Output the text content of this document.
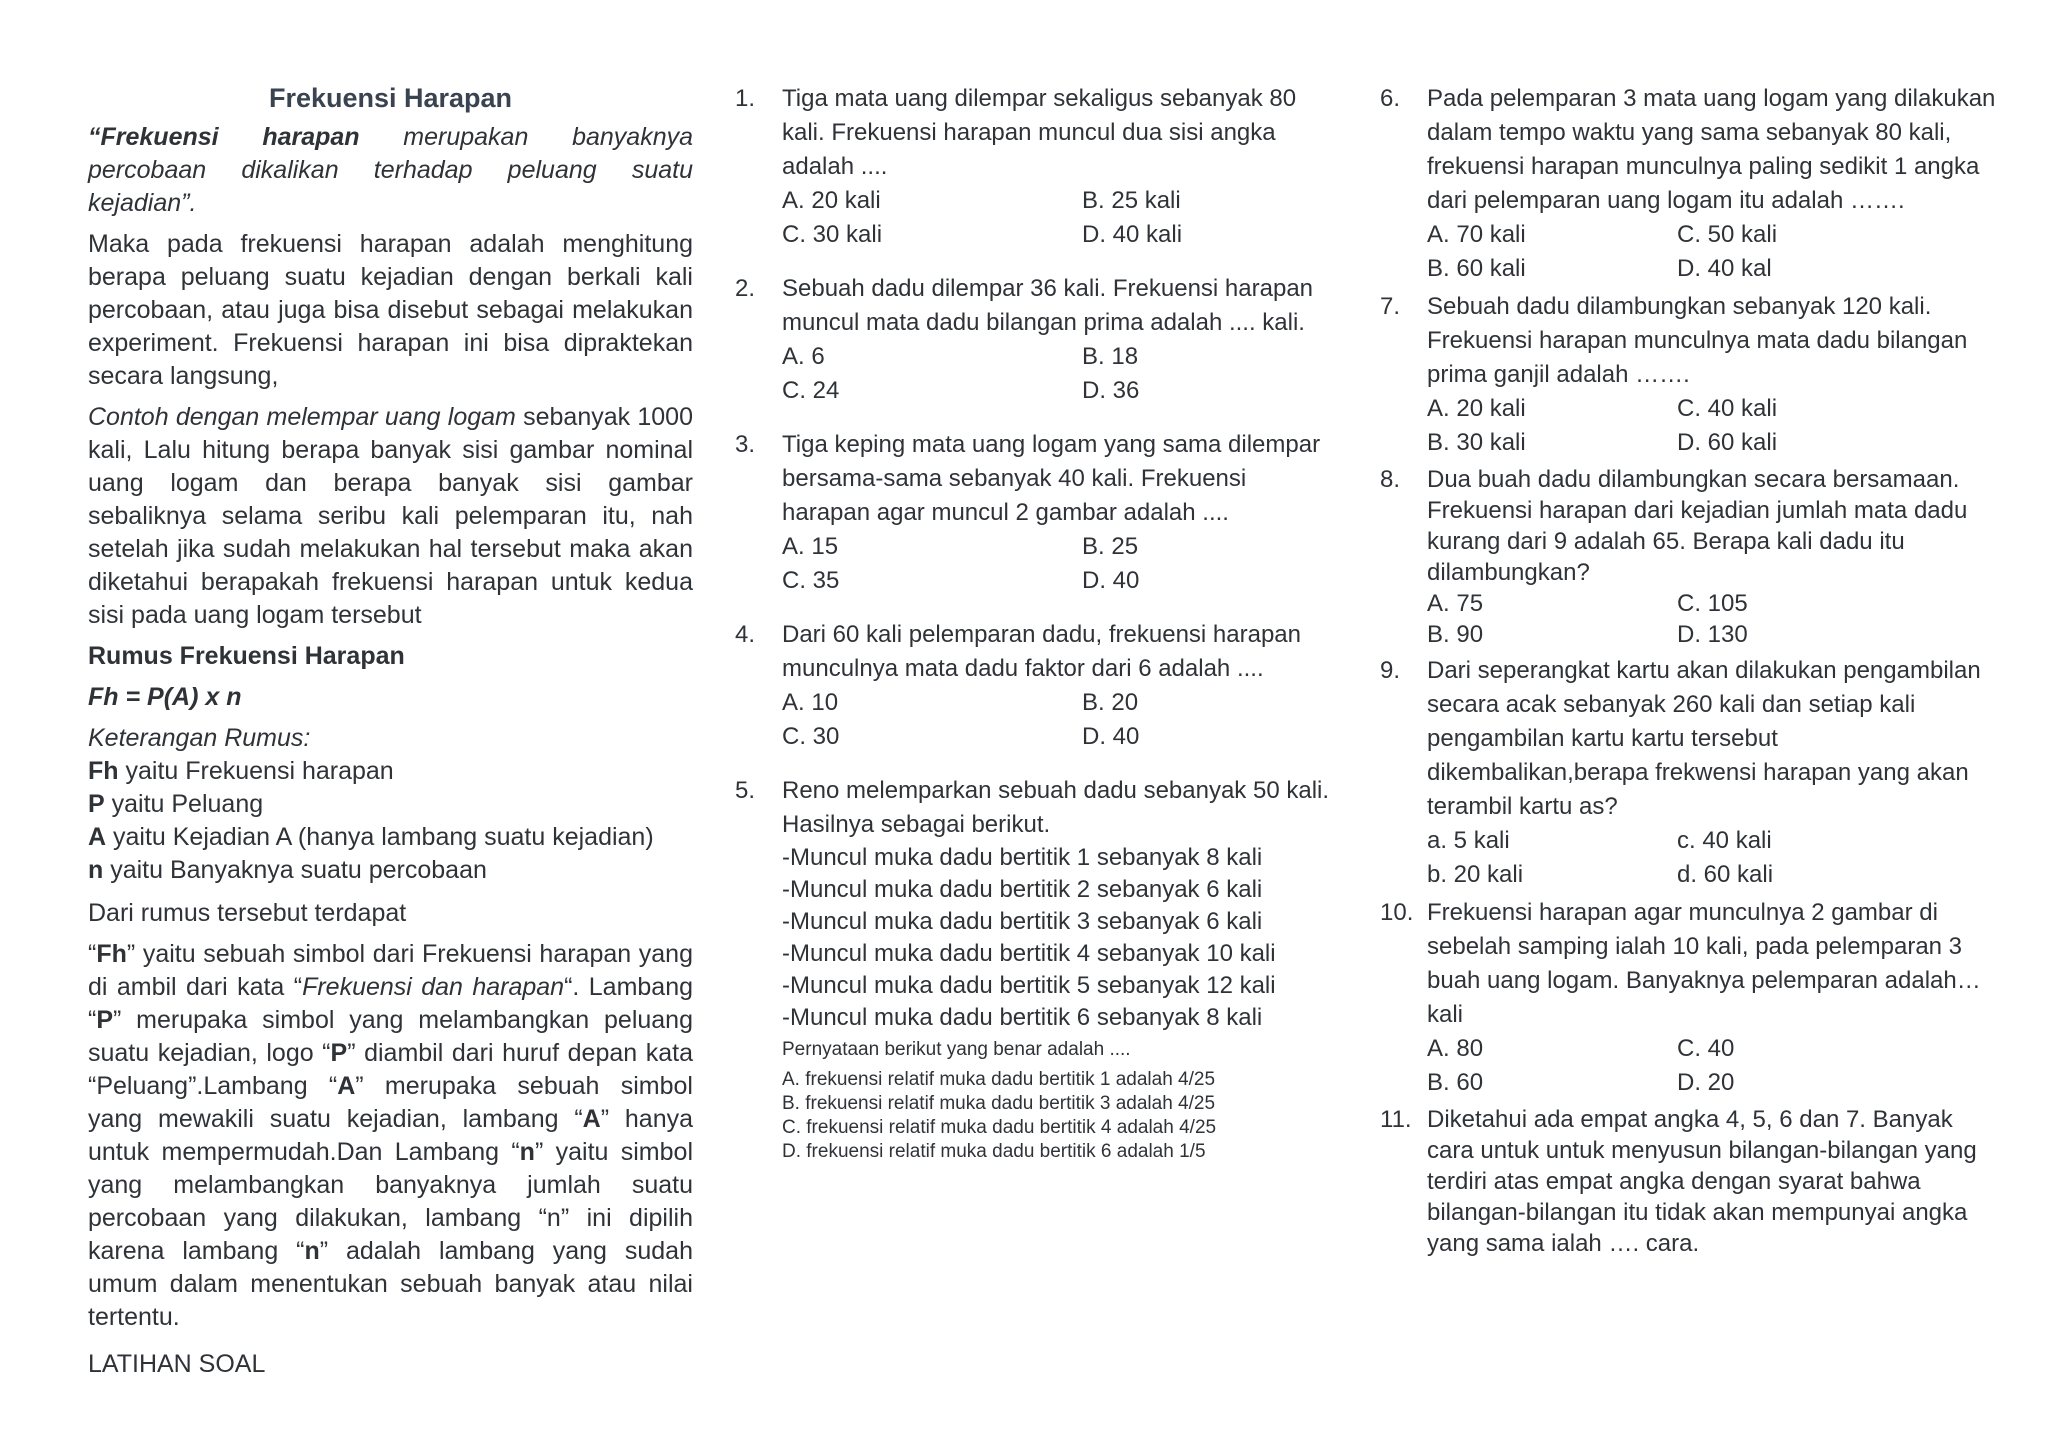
Frekuensi Harapan

“Frekuensi harapan merupakan banyaknya percobaan dikalikan terhadap peluang suatu kejadian”.

Maka pada frekuensi harapan adalah menghitung berapa peluang suatu kejadian dengan berkali kali percobaan, atau juga bisa disebut sebagai melakukan experiment. Frekuensi harapan ini bisa dipraktekan secara langsung,

Contoh dengan melempar uang logam sebanyak 1000 kali, Lalu hitung berapa banyak sisi gambar nominal uang logam dan berapa banyak sisi gambar sebaliknya selama seribu kali pelemparan itu, nah setelah jika sudah melakukan hal tersebut maka akan diketahui berapakah frekuensi harapan untuk kedua sisi pada uang logam tersebut

Rumus Frekuensi Harapan

Fh = P(A) x n

Keterangan Rumus:

Fh yaitu Frekuensi harapan

P yaitu Peluang

A yaitu Kejadian A (hanya lambang suatu kejadian)

n yaitu Banyaknya suatu percobaan

Dari rumus tersebut terdapat

“Fh” yaitu sebuah simbol dari Frekuensi harapan yang di ambil dari kata “Frekuensi dan harapan“. Lambang “P” merupaka simbol yang melambangkan peluang suatu kejadian, logo “P” diambil dari huruf depan kata “Peluang”.Lambang “A” merupaka sebuah simbol yang mewakili suatu kejadian, lambang “A” hanya untuk mempermudah.Dan Lambang “n” yaitu simbol yang melambangkan banyaknya jumlah suatu percobaan yang dilakukan, lambang “n” ini dipilih karena lambang “n” adalah lambang yang sudah umum dalam menentukan sebuah banyak atau nilai tertentu.

LATIHAN SOAL

1. Tiga mata uang dilempar sekaligus sebanyak 80 kali. Frekuensi harapan muncul dua sisi angka adalah ....
A. 20 kali	B. 25 kali
C. 30 kali	D. 40 kali
2. Sebuah dadu dilempar 36 kali. Frekuensi harapan muncul mata dadu bilangan prima adalah .... kali.
A. 6	B. 18
C. 24	D. 36
3. Tiga keping mata uang logam yang sama dilempar bersama-sama sebanyak 40 kali. Frekuensi harapan agar muncul 2 gambar adalah ....
A. 15	B. 25
C. 35	D. 40
4. Dari 60 kali pelemparan dadu, frekuensi harapan munculnya mata dadu faktor dari 6 adalah ....
A. 10	B. 20
C. 30	D. 40
5. Reno melemparkan sebuah dadu sebanyak 50 kali. Hasilnya sebagai berikut.

-Muncul muka dadu bertitik 1 sebanyak 8 kali

-Muncul muka dadu bertitik 2 sebanyak 6 kali

-Muncul muka dadu bertitik 3 sebanyak 6 kali

-Muncul muka dadu bertitik 4 sebanyak 10 kali

-Muncul muka dadu bertitik 5 sebanyak 12 kali

-Muncul muka dadu bertitik 6 sebanyak 8 kali

Pernyataan berikut yang benar adalah ....

A. frekuensi relatif muka dadu bertitik 1 adalah 4/25

B. frekuensi relatif muka dadu bertitik 3 adalah 4/25

C. frekuensi relatif muka dadu bertitik 4 adalah 4/25

D. frekuensi relatif muka dadu bertitik 6 adalah 1/5

6. Pada pelemparan 3 mata uang logam yang dilakukan dalam tempo waktu yang sama sebanyak 80 kali, frekuensi harapan munculnya paling sedikit 1 angka dari pelemparan uang logam itu adalah …….
A. 70 kali	C. 50 kali
B. 60 kali	D. 40 kal
7. Sebuah dadu dilambungkan sebanyak 120 kali. Frekuensi harapan munculnya mata dadu bilangan prima ganjil adalah …….
A. 20 kali	C. 40 kali
B. 30 kali	D. 60 kali
8. Dua buah dadu dilambungkan secara bersamaan. Frekuensi harapan dari kejadian jumlah mata dadu kurang dari 9 adalah 65. Berapa kali dadu itu dilambungkan?
A. 75	C. 105
B. 90	D. 130
9. Dari seperangkat kartu akan dilakukan pengambilan secara acak sebanyak 260 kali dan setiap kali pengambilan kartu kartu tersebut dikembalikan,berapa frekwensi harapan yang akan terambil kartu as?
a. 5 kali	c. 40 kali
b. 20 kali	d. 60 kali
10. Frekuensi harapan agar munculnya 2 gambar di sebelah samping ialah 10 kali, pada pelemparan 3 buah uang logam. Banyaknya pelemparan adalah… kali
A. 80	C. 40
B. 60	D. 20
11. Diketahui ada empat angka 4, 5, 6 dan 7. Banyak cara untuk untuk menyusun bilangan-bilangan yang terdiri atas empat angka dengan syarat bahwa bilangan-bilangan itu tidak akan mempunyai angka yang sama ialah …. cara.
